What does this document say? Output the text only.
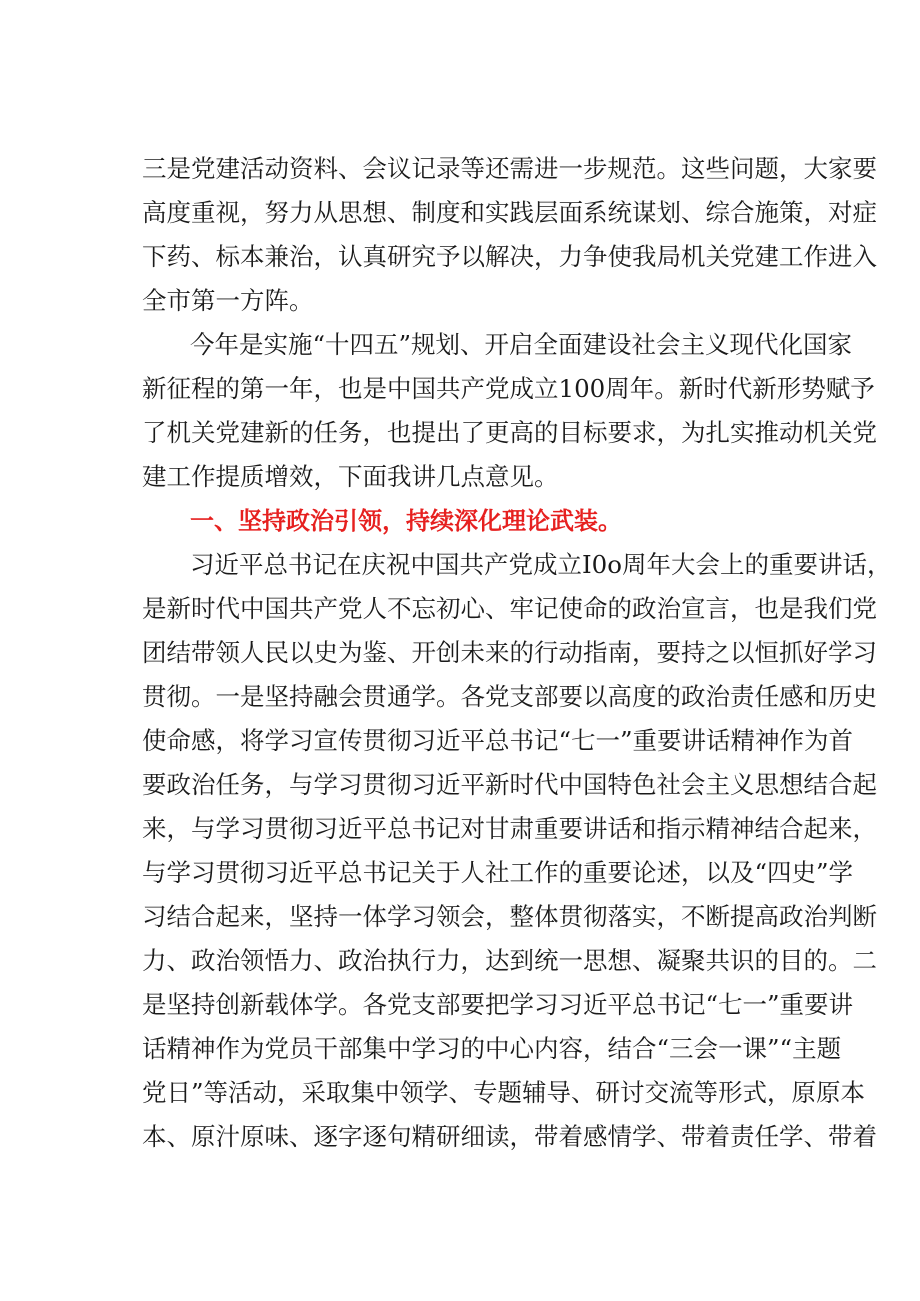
三是党建活动资料、会议记录等还需进一步规范。这些问题，大家要
高度重视，努力从思想、制度和实践层面系统谋划、综合施策，对症
下药、标本兼治，认真研究予以解决，力争使我局机关党建工作进入
全市第一方阵。
今年是实施“十四五”规划、开启全面建设社会主义现代化国家
新征程的第一年，也是中国共产党成立100周年。新时代新形势赋予
了机关党建新的任务，也提出了更高的目标要求，为扎实推动机关党
建工作提质增效，下面我讲几点意见。
一、坚持政治引领，持续深化理论武装。
习近平总书记在庆祝中国共产党成立I0o周年大会上的重要讲话，
是新时代中国共产党人不忘初心、牢记使命的政治宣言，也是我们党
团结带领人民以史为鉴、开创未来的行动指南，要持之以恒抓好学习
贯彻。一是坚持融会贯通学。各党支部要以高度的政治责任感和历史
使命感，将学习宣传贯彻习近平总书记“七一”重要讲话精神作为首
要政治任务，与学习贯彻习近平新时代中国特色社会主义思想结合起
来，与学习贯彻习近平总书记对甘肃重要讲话和指示精神结合起来，
与学习贯彻习近平总书记关于人社工作的重要论述，以及“四史”学
习结合起来，坚持一体学习领会，整体贯彻落实，不断提高政治判断
力、政治领悟力、政治执行力，达到统一思想、凝聚共识的目的。二
是坚持创新载体学。各党支部要把学习习近平总书记“七一”重要讲
话精神作为党员干部集中学习的中心内容，结合“三会一课”“主题
党日”等活动，采取集中领学、专题辅导、研讨交流等形式，原原本
本、原汁原味、逐字逐句精研细读，带着感情学、带着责任学、带着
